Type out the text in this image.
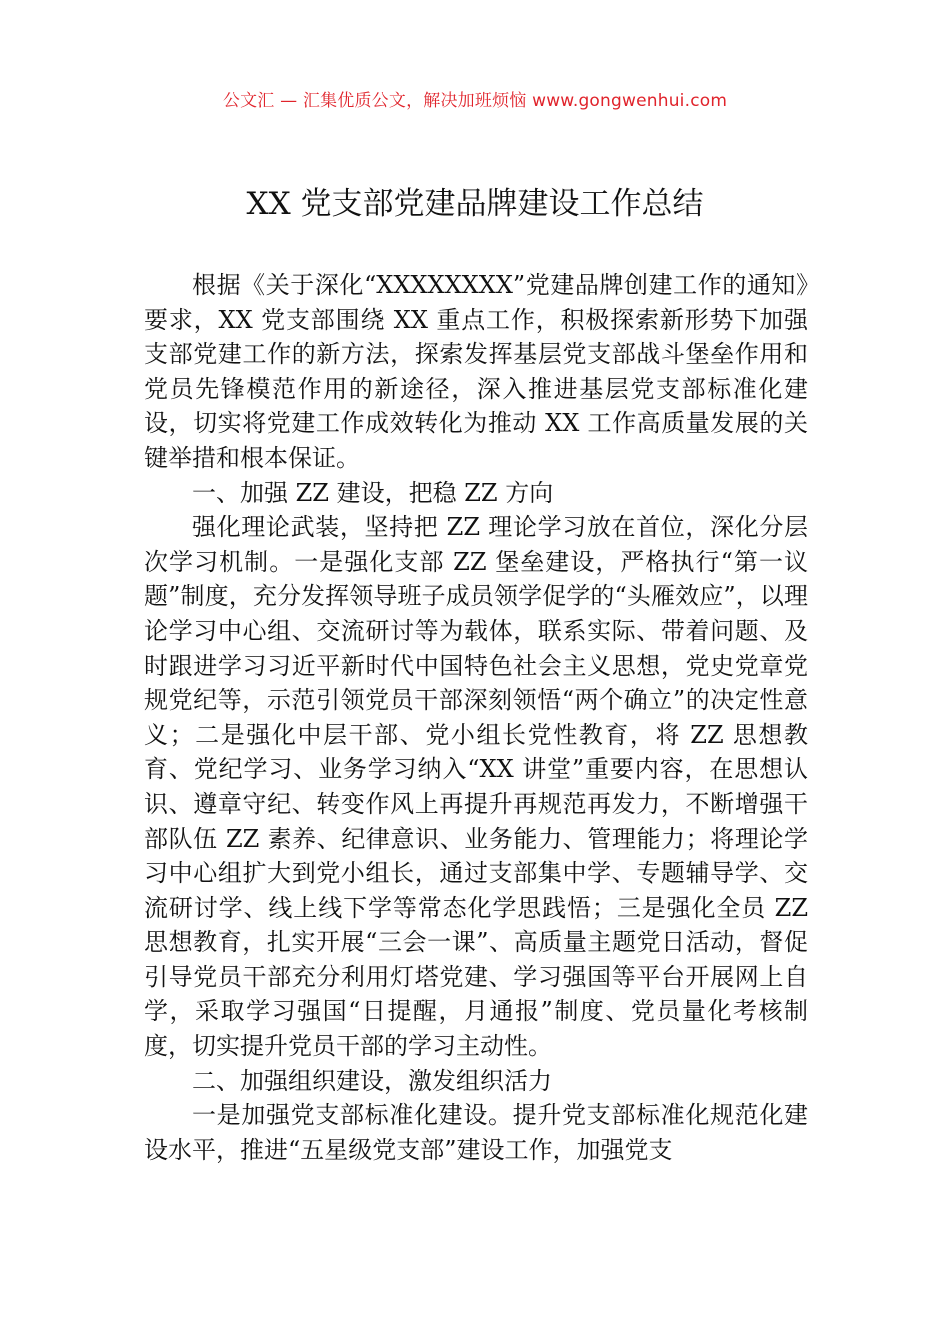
公文汇 — 汇集优质公文，解决加班烦恼 www.gongwenhui.com
XX 党支部党建品牌建设工作总结

根据《关于深化“XXXXXXXX”党建品牌创建工作的通知》要求，XX 党支部围绕 XX 重点工作，积极探索新形势下加强支部党建工作的新方法，探索发挥基层党支部战斗堡垒作用和党员先锋模范作用的新途径，深入推进基层党支部标准化建设，切实将党建工作成效转化为推动 XX 工作高质量发展的关键举措和根本保证。

一、加强 ZZ 建设，把稳 ZZ 方向

强化理论武装，坚持把 ZZ 理论学习放在首位，深化分层次学习机制。一是强化支部 ZZ 堡垒建设，严格执行“第一议题”制度，充分发挥领导班子成员领学促学的“头雁效应”，以理论学习中心组、交流研讨等为载体，联系实际、带着问题、及时跟进学习习近平新时代中国特色社会主义思想，党史党章党规党纪等，示范引领党员干部深刻领悟“两个确立”的决定性意义；二是强化中层干部、党小组长党性教育，将 ZZ 思想教育、党纪学习、业务学习纳入“XX 讲堂”重要内容，在思想认识、遵章守纪、转变作风上再提升再规范再发力，不断增强干部队伍 ZZ 素养、纪律意识、业务能力、管理能力；将理论学习中心组扩大到党小组长，通过支部集中学、专题辅导学、交流研讨学、线上线下学等常态化学思践悟；三是强化全员 ZZ 思想教育，扎实开展“三会一课”、高质量主题党日活动，督促引导党员干部充分利用灯塔党建、学习强国等平台开展网上自学，采取学习强国“日提醒，月通报”制度、党员量化考核制度，切实提升党员干部的学习主动性。

二、加强组织建设，激发组织活力

一是加强党支部标准化建设。提升党支部标准化规范化建设水平，推进“五星级党支部”建设工作，加强党支
